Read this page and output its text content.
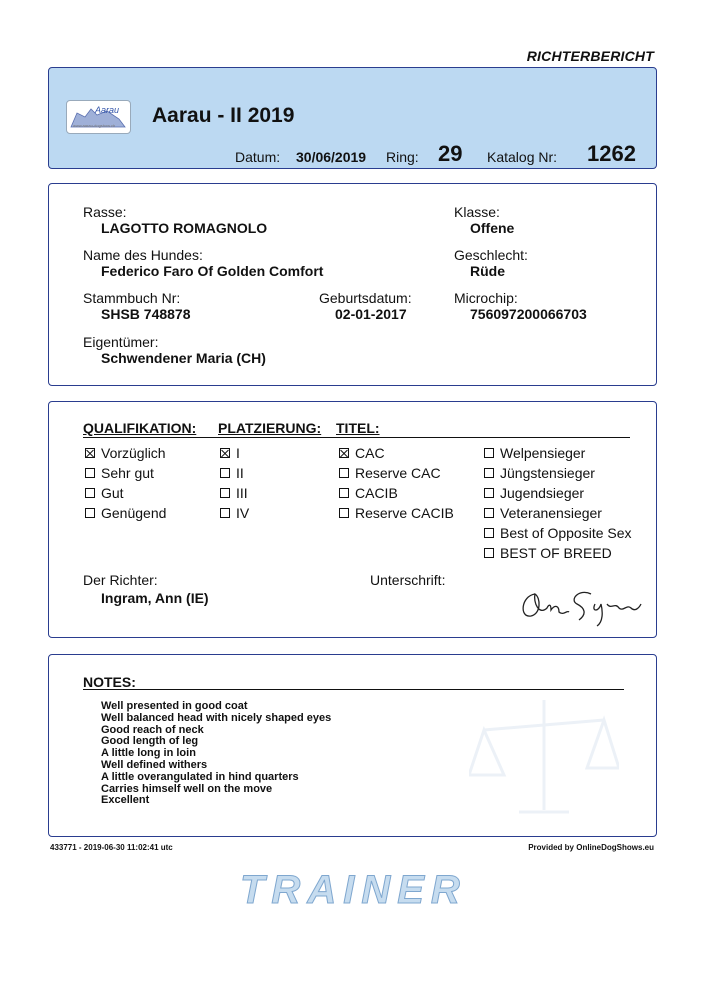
RICHTERBERICHT
Aarau
www.aarau-dogshow.ch Aarau - II 2019
Datum: 30/06/2019 Ring: 29 Katalog Nr: 1262
Rasse:
LAGOTTO ROMAGNOLO
Klasse:
Offene
Name des Hundes:
Federico Faro Of Golden Comfort
Geschlecht:
Rüde
Stammbuch Nr:
SHSB 748878
Geburtsdatum:
02-01-2017
Microchip:
756097200066703
Eigentümer:
Schwendener Maria (CH)
QUALIFIKATION: PLATZIERUNG: TITEL:
Vorzüglich
Sehr gut
Gut
Genügend
I
II
III
IV
CAC
Reserve CAC
CACIB
Reserve CACIB
Welpensieger
Jüngstensieger
Jugendsieger
Veteranensieger
Best of Opposite Sex
BEST OF BREED
Der Richter:
Ingram, Ann (IE)
Unterschrift:
NOTES:
Well presented in good coat
Well balanced head with nicely shaped eyes
Good reach of neck
Good length of leg
A little long in loin
Well defined withers
A little overangulated in hind quarters
Carries himself well on the move
Excellent
433771 - 2019-06-30 11:02:41 utc	Provided by OnlineDogShows.eu
TRAINER
